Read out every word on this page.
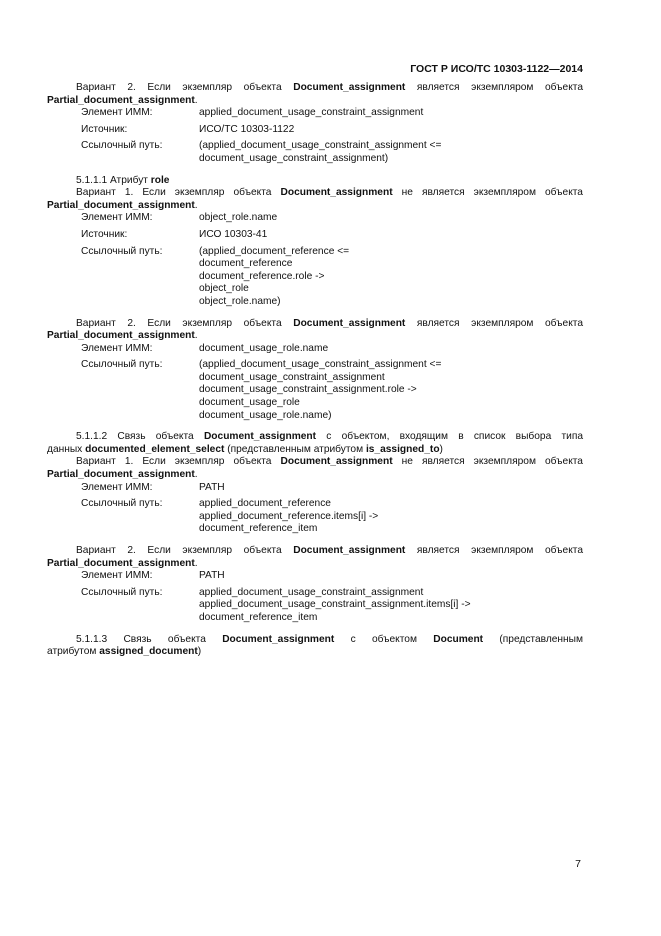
ГОСТ Р ИСО/ТС 10303-1122—2014
Вариант 2. Если экземпляр объекта Document_assignment является экземпляром объекта
Partial_document_assignment.
Элемент ИММ:	applied_document_usage_constraint_assignment
Источник:	ИСО/ТС 10303-1122
Ссылочный путь:	(applied_document_usage_constraint_assignment <=
document_usage_constraint_assignment)
5.1.1.1 Атрибут role
Вариант 1. Если экземпляр объекта Document_assignment не является экземпляром объекта
Partial_document_assignment.
Элемент ИММ:	object_role.name
Источник:	ИСО 10303-41
Ссылочный путь:	(applied_document_reference <=
document_reference
document_reference.role ->
object_role
object_role.name)
Вариант 2. Если экземпляр объекта Document_assignment является экземпляром объекта
Partial_document_assignment.
Элемент ИММ:	document_usage_role.name
Ссылочный путь:	(applied_document_usage_constraint_assignment <=
document_usage_constraint_assignment
document_usage_constraint_assignment.role ->
document_usage_role
document_usage_role.name)
5.1.1.2 Связь объекта Document_assignment с объектом, входящим в список выбора типа
данных documented_element_select (представленным атрибутом is_assigned_to)
Вариант 1. Если экземпляр объекта Document_assignment не является экземпляром объекта
Partial_document_assignment.
Элемент ИММ:	PATH
Ссылочный путь:	applied_document_reference
applied_document_reference.items[i] ->
document_reference_item
Вариант 2. Если экземпляр объекта Document_assignment является экземпляром объекта
Partial_document_assignment.
Элемент ИММ:	PATH
Ссылочный путь:	applied_document_usage_constraint_assignment
applied_document_usage_constraint_assignment.items[i] ->
document_reference_item
5.1.1.3 Связь объекта Document_assignment с объектом Document (представленным
атрибутом assigned_document)
7
